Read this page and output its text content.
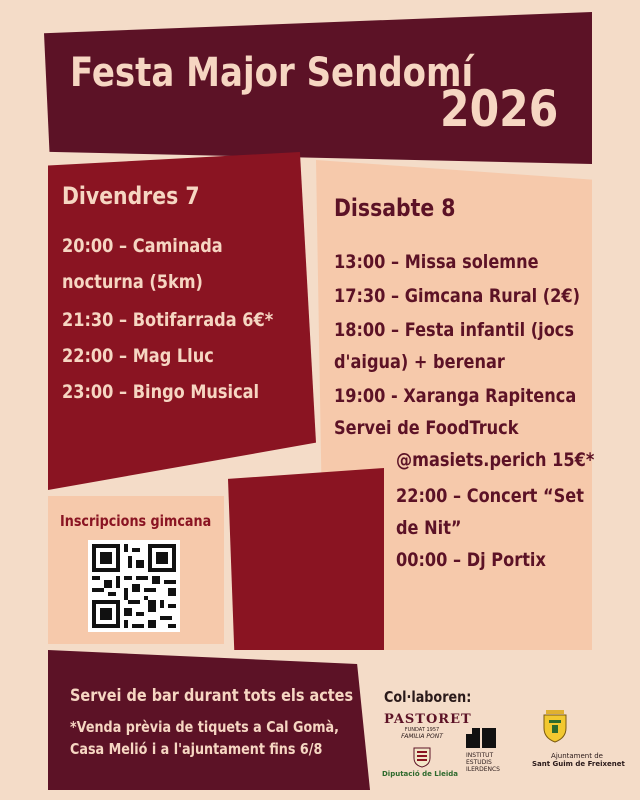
Festa Major Sendomí
2026
Divendres 7
20:00 – Caminada
nocturna (5km)
21:30 – Botifarrada 6€*
22:00 – Mag Lluc
23:00 – Bingo Musical
Dissabte 8
13:00 – Missa solemne
17:30 – Gimcana Rural (2€)
18:00 – Festa infantil (jocs
d'aigua) + berenar
19:00 - Xaranga Rapitenca
Servei de FoodTruck
@masiets.perich 15€*
22:00 – Concert “Set
de Nit”
00:00 – Dj Portix
Inscripcions gimcana
Servei de bar durant tots els actes
*Venda prèvia de tiquets a Cal Gomà,
Casa Melió i a l'ajuntament fins 6/8
Col·laboren:
PASTORET
FUNDAT 1957
FAMILIA PONT
Diputació de Lleida
INSTITUT ESTUDIS ILERDENCS
Ajuntament de
Sant Guim de Freixenet
